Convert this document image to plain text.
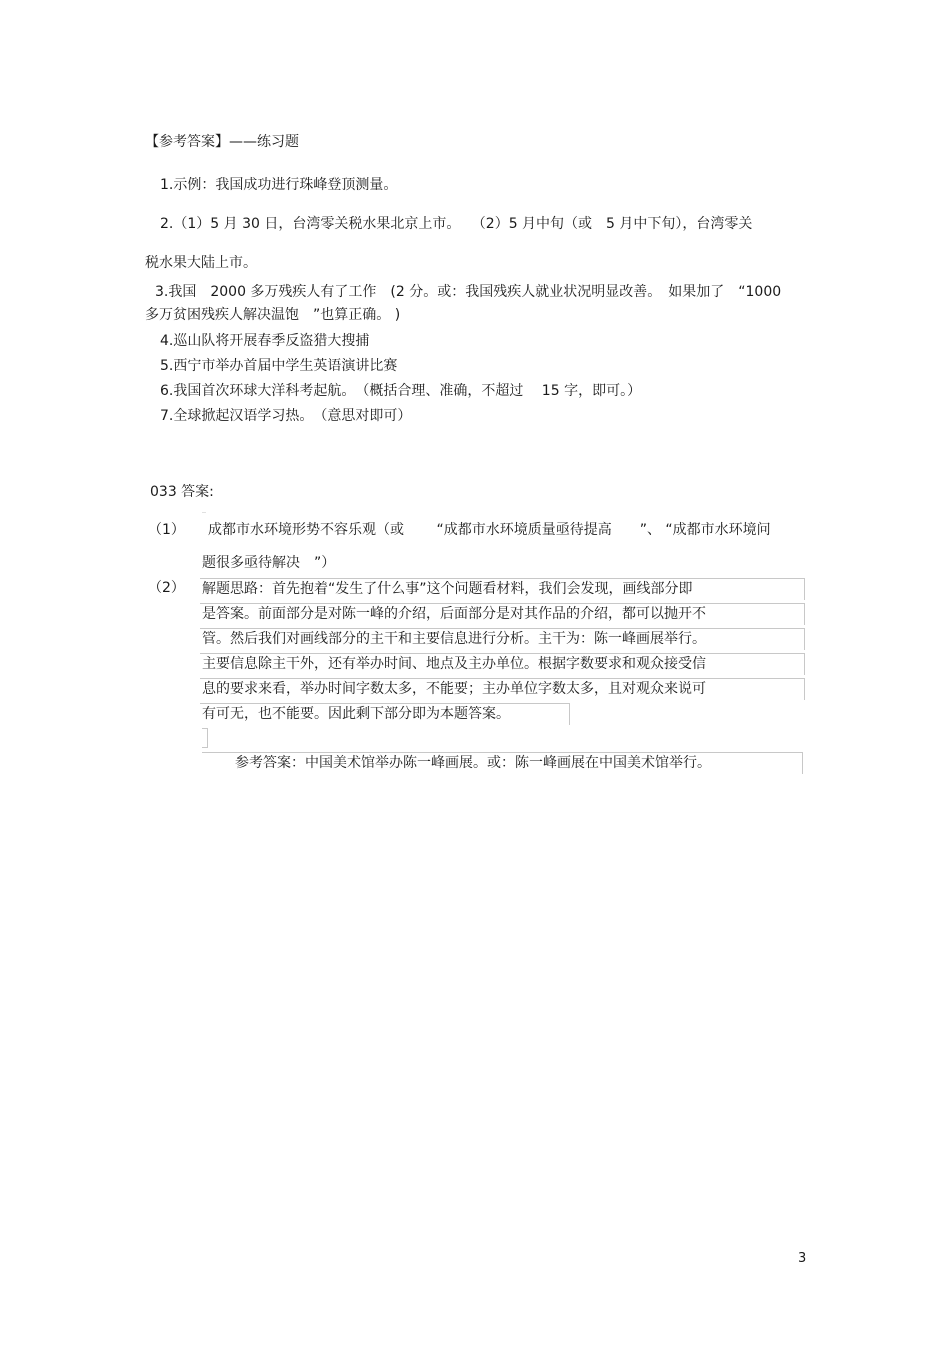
【参考答案】——练习题
1.示例：我国成功进行珠峰登顶测量。
2.（1）5 月 30 日，台湾零关税水果北京上市。　 （2）5 月中旬（或　5 月中下旬），台湾零关
税水果大陆上市。
3.我国　2000 多万残疾人有了工作　(2 分。或：我国残疾人就业状况明显改善。　如果加了　“1000
多万贫困残疾人解决温饱　”也算正确。 )
4.巡山队将开展春季反盗猎大搜捕
5.西宁市举办首届中学生英语演讲比赛
6.我国首次环球大洋科考起航。　（概括合理、准确，不超过　 15 字，即可。）
7.全球掀起汉语学习热。　（意思对即可）
033 答案:
（1） 成都市水环境形势不容乐观（或　　 “成都市水环境质量亟待提高　　”、 “成都市水环境问
题很多亟待解决　”）
（2） 解题思路：首先抱着“发生了什么事”这个问题看材料，我们会发现，画线部分即
是答案。前面部分是对陈一峰的介绍，后面部分是对其作品的介绍，都可以抛开不
管。然后我们对画线部分的主干和主要信息进行分析。主干为：陈一峰画展举行。
主要信息除主干外，还有举办时间、地点及主办单位。根据字数要求和观众接受信
息的要求来看，举办时间字数太多，不能要；主办单位字数太多，且对观众来说可
有可无，也不能要。因此剩下部分即为本题答案。
参考答案：中国美术馆举办陈一峰画展。或：陈一峰画展在中国美术馆举行。
3
